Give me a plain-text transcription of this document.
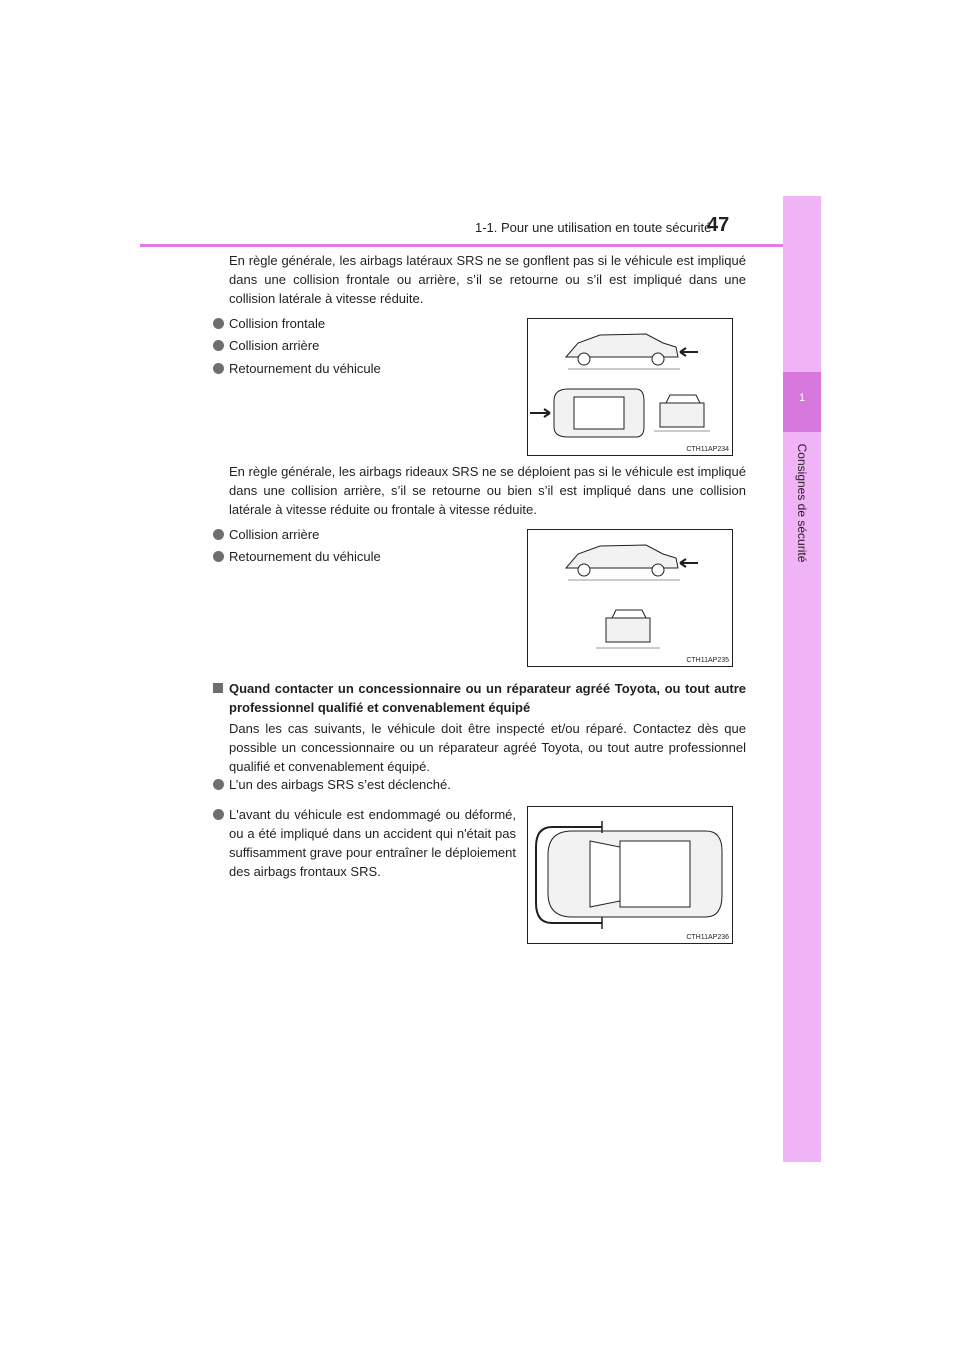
1-1. Pour une utilisation en toute sécurité
47
1
Consignes de sécurité

En règle générale, les airbags latéraux SRS ne se gonflent pas si le véhicule est impliqué dans une collision frontale ou arrière, s’il se retourne ou s’il est impliqué dans une collision latérale à vitesse réduite.

Collision frontale
Collision arrière
Retournement du véhicule
CTH11AP234

En règle générale, les airbags rideaux SRS ne se déploient pas si le véhicule est impliqué dans une collision arrière, s’il se retourne ou bien s’il est impliqué dans une collision latérale à vitesse réduite ou frontale à vitesse réduite.

Collision arrière
Retournement du véhicule
CTH11AP235
Quand contacter un concessionnaire ou un réparateur agréé Toyota, ou tout autre professionnel qualifié et convenablement équipé

Dans les cas suivants, le véhicule doit être inspecté et/ou réparé. Contactez dès que possible un concessionnaire ou un réparateur agréé Toyota, ou tout autre professionnel qualifié et convenablement équipé.

L’un des airbags SRS s’est déclenché.
L'avant du véhicule est endommagé ou déformé, ou a été impliqué dans un accident qui n'était pas suffisamment grave pour entraîner le déploiement des airbags frontaux SRS.
CTH11AP236
